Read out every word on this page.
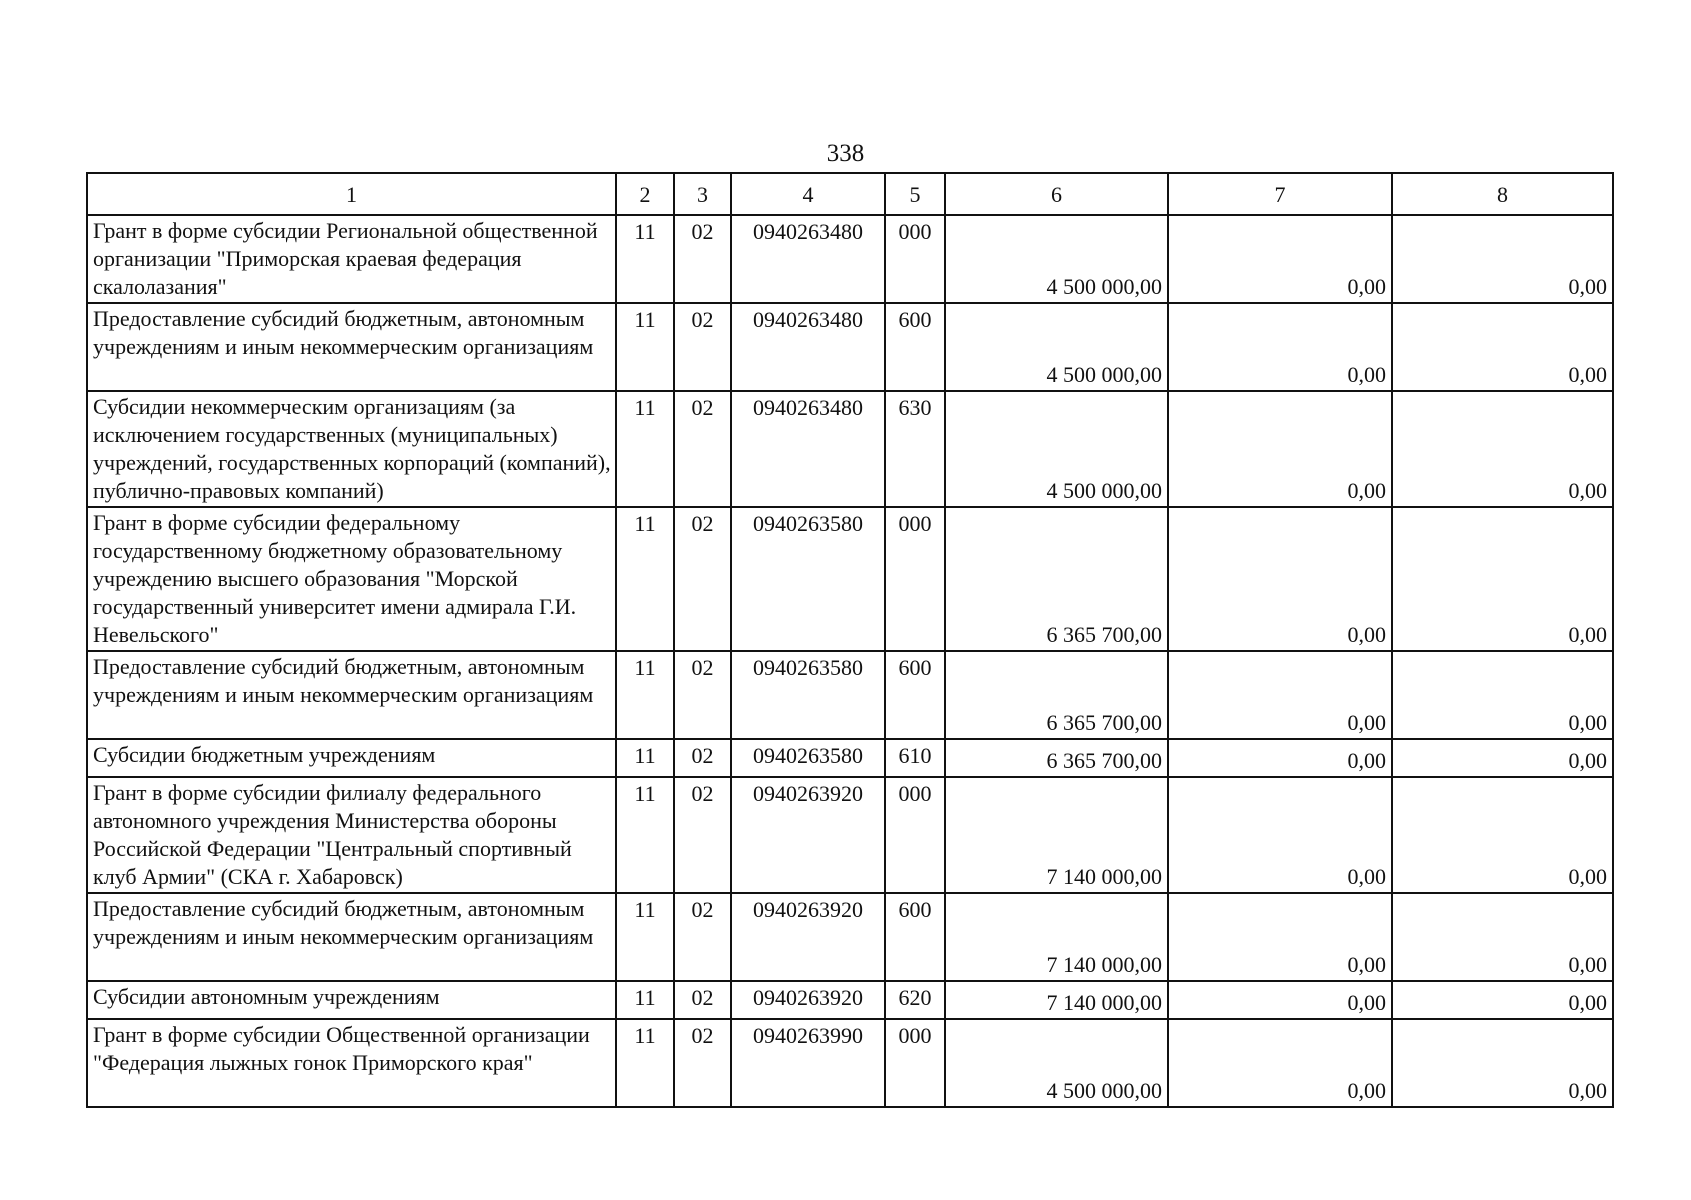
338
1	2	3	4	5	6	7	8
Грант в форме субсидии Региональной общественной организации "Приморская краевая федерация скалолазания"	11	02	0940263480	000	4 500 000,00	0,00	0,00
Предоставление субсидий бюджетным, автономным учреждениям и иным некоммерческим организациям	11	02	0940263480	600	4 500 000,00	0,00	0,00
Субсидии некоммерческим организациям (за исключением государственных (муниципальных) учреждений, государственных корпораций (компаний), публично-правовых компаний)	11	02	0940263480	630	4 500 000,00	0,00	0,00
Грант в форме субсидии федеральному государственному бюджетному образовательному учреждению высшего образования "Морской государственный университет имени адмирала Г.И. Невельского"	11	02	0940263580	000	6 365 700,00	0,00	0,00
Предоставление субсидий бюджетным, автономным учреждениям и иным некоммерческим организациям	11	02	0940263580	600	6 365 700,00	0,00	0,00
Субсидии бюджетным учреждениям	11	02	0940263580	610	6 365 700,00	0,00	0,00
Грант в форме субсидии филиалу федерального автономного учреждения Министерства обороны Российской Федерации "Центральный спортивный клуб Армии" (СКА г. Хабаровск)	11	02	0940263920	000	7 140 000,00	0,00	0,00
Предоставление субсидий бюджетным, автономным учреждениям и иным некоммерческим организациям	11	02	0940263920	600	7 140 000,00	0,00	0,00
Субсидии автономным учреждениям	11	02	0940263920	620	7 140 000,00	0,00	0,00
Грант в форме субсидии Общественной организации "Федерация лыжных гонок Приморского края"	11	02	0940263990	000	4 500 000,00	0,00	0,00
